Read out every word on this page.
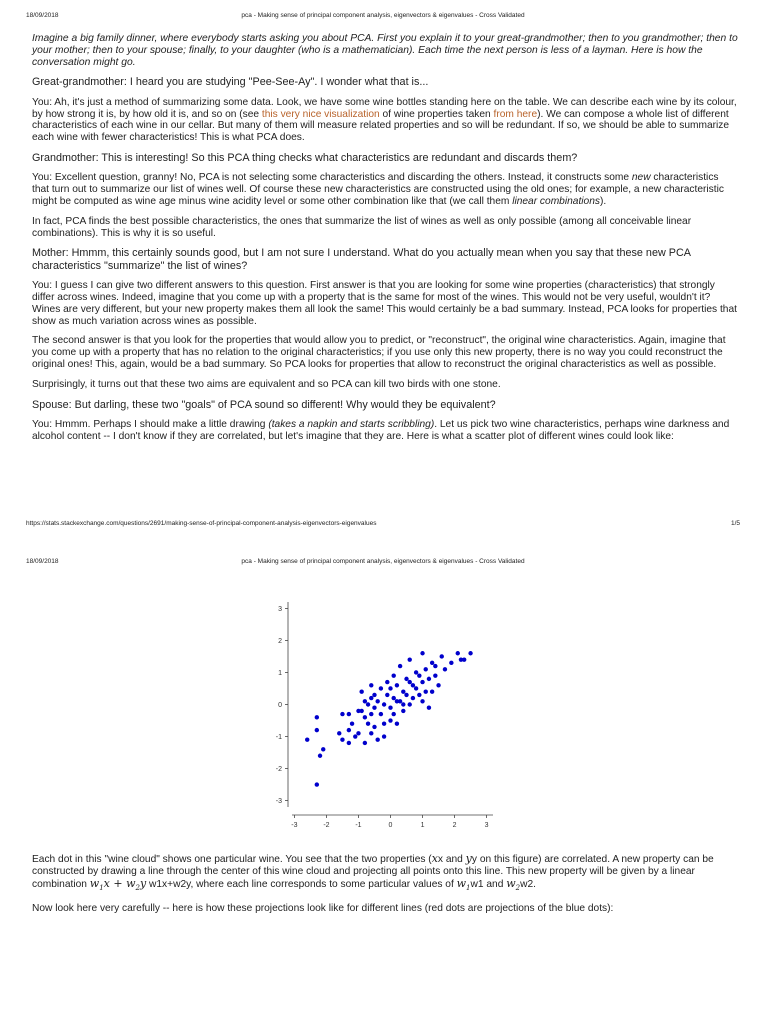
18/09/2018	pca - Making sense of principal component analysis, eigenvectors & eigenvalues - Cross Validated

Imagine a big family dinner, where everybody starts asking you about PCA. First you explain it to your great-grandmother; then to you grandmother; then to your mother; then to your spouse; finally, to your daughter (who is a mathematician). Each time the next person is less of a layman. Here is how the conversation might go.

Great-grandmother: I heard you are studying "Pee-See-Ay". I wonder what that is...

You: Ah, it's just a method of summarizing some data. Look, we have some wine bottles standing here on the table. We can describe each wine by its colour, by how strong it is, by how old it is, and so on (see this very nice visualization of wine properties taken from here). We can compose a whole list of different characteristics of each wine in our cellar. But many of them will measure related properties and so will be redundant. If so, we should be able to summarize each wine with fewer characteristics! This is what PCA does.

Grandmother: This is interesting! So this PCA thing checks what characteristics are redundant and discards them?

You: Excellent question, granny! No, PCA is not selecting some characteristics and discarding the others. Instead, it constructs some new characteristics that turn out to summarize our list of wines well. Of course these new characteristics are constructed using the old ones; for example, a new characteristic might be computed as wine age minus wine acidity level or some other combination like that (we call them linear combinations).

In fact, PCA finds the best possible characteristics, the ones that summarize the list of wines as well as only possible (among all conceivable linear combinations). This is why it is so useful.

Mother: Hmmm, this certainly sounds good, but I am not sure I understand. What do you actually mean when you say that these new PCA characteristics "summarize" the list of wines?

You: I guess I can give two different answers to this question. First answer is that you are looking for some wine properties (characteristics) that strongly differ across wines. Indeed, imagine that you come up with a property that is the same for most of the wines. This would not be very useful, wouldn't it? Wines are very different, but your new property makes them all look the same! This would certainly be a bad summary. Instead, PCA looks for properties that show as much variation across wines as possible.

The second answer is that you look for the properties that would allow you to predict, or "reconstruct", the original wine characteristics. Again, imagine that you come up with a property that has no relation to the original characteristics; if you use only this new property, there is no way you could reconstruct the original ones! This, again, would be a bad summary. So PCA looks for properties that allow to reconstruct the original characteristics as well as possible.

Surprisingly, it turns out that these two aims are equivalent and so PCA can kill two birds with one stone.

Spouse: But darling, these two "goals" of PCA sound so different! Why would they be equivalent?

You: Hmmm. Perhaps I should make a little drawing (takes a napkin and starts scribbling). Let us pick two wine characteristics, perhaps wine darkness and alcohol content -- I don't know if they are correlated, but let's imagine that they are. Here is what a scatter plot of different wines could look like:

https://stats.stackexchange.com/questions/2691/making-sense-of-principal-component-analysis-eigenvectors-eigenvalues	1/5
18/09/2018	pca - Making sense of principal component analysis, eigenvectors & eigenvalues - Cross Validated
3
2
1
0
-1
-2
-3
-3	-2	-1	0	1	2	3

Each dot in this "wine cloud" shows one particular wine. You see that the two properties (xx and yy on this figure) are correlated. A new property can be constructed by drawing a line through the center of this wine cloud and projecting all points onto this line. This new property will be given by a linear combination $w_1x + w_2y$ w1x+w2y, where each line corresponds to some particular values of $w_1w1$ and $w_2w2$.

Now look here very carefully -- here is how these projections look like for different lines (red dots are projections of the blue dots):
